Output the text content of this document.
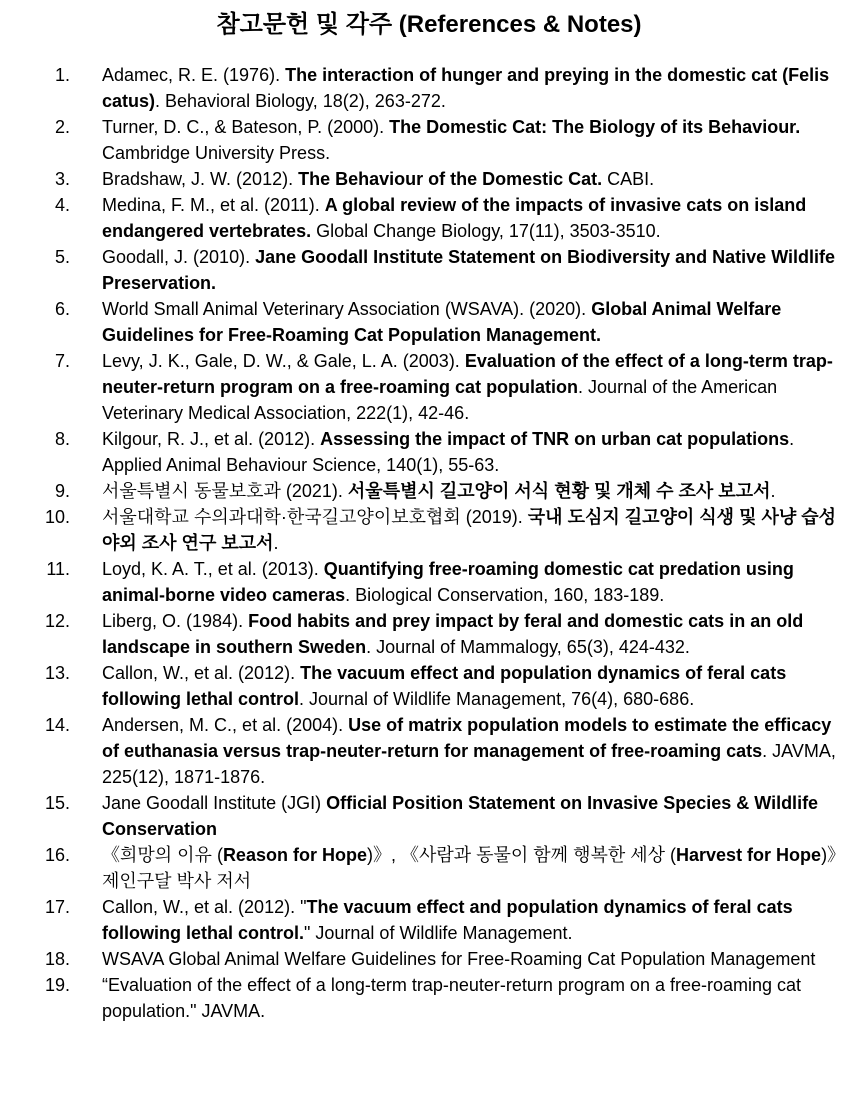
참고문헌 및 각주 (References & Notes)
1. Adamec, R. E. (1976). The interaction of hunger and preying in the domestic cat (Felis catus). Behavioral Biology, 18(2), 263-272.
2. Turner, D. C., & Bateson, P. (2000). The Domestic Cat: The Biology of its Behaviour. Cambridge University Press.
3. Bradshaw, J. W. (2012). The Behaviour of the Domestic Cat. CABI.
4. Medina, F. M., et al. (2011). A global review of the impacts of invasive cats on island endangered vertebrates. Global Change Biology, 17(11), 3503-3510.
5. Goodall, J. (2010). Jane Goodall Institute Statement on Biodiversity and Native Wildlife Preservation.
6. World Small Animal Veterinary Association (WSAVA). (2020). Global Animal Welfare Guidelines for Free-Roaming Cat Population Management.
7. Levy, J. K., Gale, D. W., & Gale, L. A. (2003). Evaluation of the effect of a long-term trap-neuter-return program on a free-roaming cat population. Journal of the American Veterinary Medical Association, 222(1), 42-46.
8. Kilgour, R. J., et al. (2012). Assessing the impact of TNR on urban cat populations. Applied Animal Behaviour Science, 140(1), 55-63.
9. 서울특별시 동물보호과 (2021). 서울특별시 길고양이 서식 현황 및 개체 수 조사 보고서.
10. 서울대학교 수의과대학·한국길고양이보호협회 (2019). 국내 도심지 길고양이 식생 및 사냥 습성 야외 조사 연구 보고서.
11. Loyd, K. A. T., et al. (2013). Quantifying free-roaming domestic cat predation using animal-borne video cameras. Biological Conservation, 160, 183-189.
12. Liberg, O. (1984). Food habits and prey impact by feral and domestic cats in an old landscape in southern Sweden. Journal of Mammalogy, 65(3), 424-432.
13. Callon, W., et al. (2012). The vacuum effect and population dynamics of feral cats following lethal control. Journal of Wildlife Management, 76(4), 680-686.
14. Andersen, M. C., et al. (2004). Use of matrix population models to estimate the efficacy of euthanasia versus trap-neuter-return for management of free-roaming cats. JAVMA, 225(12), 1871-1876.
15. Jane Goodall Institute (JGI) Official Position Statement on Invasive Species & Wildlife Conservation
16. 《희망의 이유 (Reason for Hope)》, 《사람과 동물이 함께 행복한 세상 (Harvest for Hope)》 제인구달 박사 저서
17. Callon, W., et al. (2012). "The vacuum effect and population dynamics of feral cats following lethal control." Journal of Wildlife Management.
18. WSAVA Global Animal Welfare Guidelines for Free-Roaming Cat Population Management
19. “Evaluation of the effect of a long-term trap-neuter-return program on a free-roaming cat population." JAVMA.
